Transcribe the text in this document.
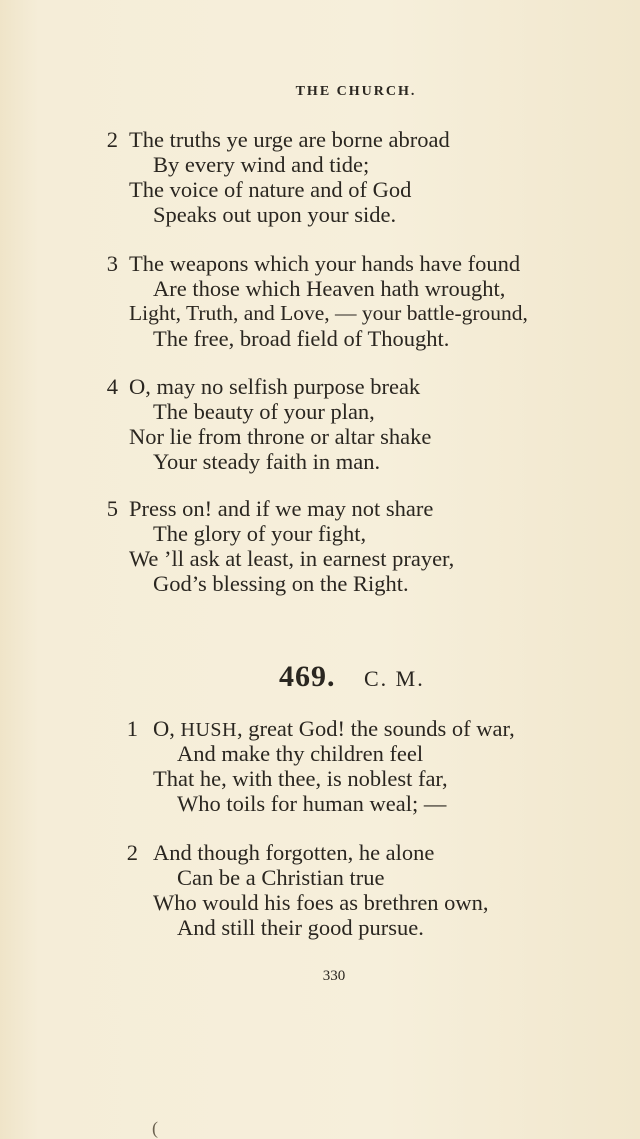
THE CHURCH.
2 The truths ye urge are borne abroad
By every wind and tide;
The voice of nature and of God
Speaks out upon your side.
3 The weapons which your hands have found
Are those which Heaven hath wrought,
Light, Truth, and Love, — your battle-ground,
The free, broad field of Thought.
4 O, may no selfish purpose break
The beauty of your plan,
Nor lie from throne or altar shake
Your steady faith in man.
5 Press on! and if we may not share
The glory of your fight,
We ’ll ask at least, in earnest prayer,
God’s blessing on the Right.
469. C. M.
1 O, HUSH, great God! the sounds of war,
And make thy children feel
That he, with thee, is noblest far,
Who toils for human weal; —
2 And though forgotten, he alone
Can be a Christian true
Who would his foes as brethren own,
And still their good pursue.
330
(
